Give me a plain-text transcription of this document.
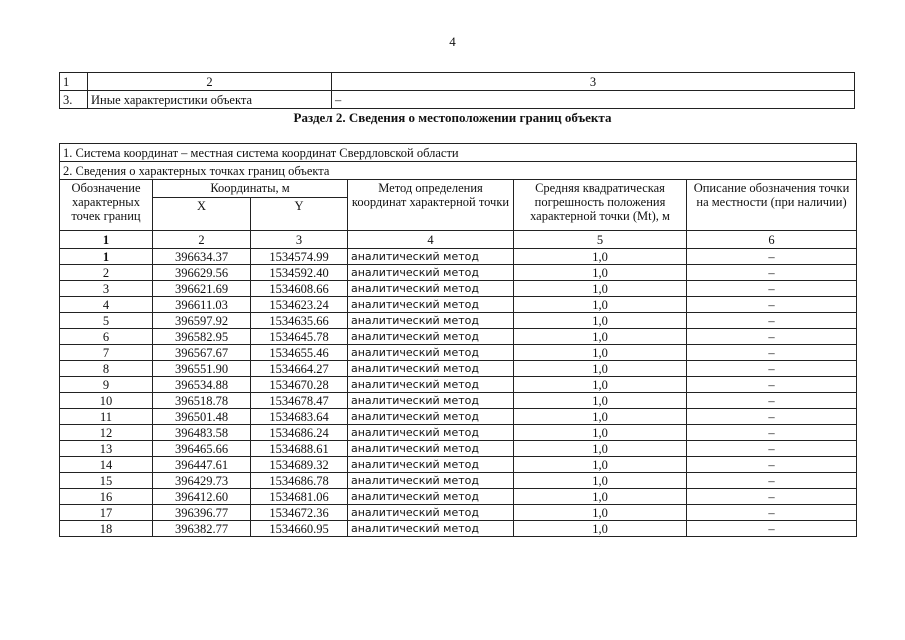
4
1	2	3
3.	Иные характеристики объекта	–
Раздел 2. Сведения о местоположении границ объекта
1. Система координат – местная система координат Свердловской области					
2. Сведения о характерных точках границ объекта					
Обозначение характерных точек границ	Координаты, м		Метод определения координат характерной точки	Средняя квадратическая погрешность положения характерной точки (Mt), м	Описание обозначения точки на местности (при наличии)
	X	Y			
1	2	3	4	5	6
1	396634.37	1534574.99	аналитический метод	1,0	–
2	396629.56	1534592.40	аналитический метод	1,0	–
3	396621.69	1534608.66	аналитический метод	1,0	–
4	396611.03	1534623.24	аналитический метод	1,0	–
5	396597.92	1534635.66	аналитический метод	1,0	–
6	396582.95	1534645.78	аналитический метод	1,0	–
7	396567.67	1534655.46	аналитический метод	1,0	–
8	396551.90	1534664.27	аналитический метод	1,0	–
9	396534.88	1534670.28	аналитический метод	1,0	–
10	396518.78	1534678.47	аналитический метод	1,0	–
11	396501.48	1534683.64	аналитический метод	1,0	–
12	396483.58	1534686.24	аналитический метод	1,0	–
13	396465.66	1534688.61	аналитический метод	1,0	–
14	396447.61	1534689.32	аналитический метод	1,0	–
15	396429.73	1534686.78	аналитический метод	1,0	–
16	396412.60	1534681.06	аналитический метод	1,0	–
17	396396.77	1534672.36	аналитический метод	1,0	–
18	396382.77	1534660.95	аналитический метод	1,0	–
